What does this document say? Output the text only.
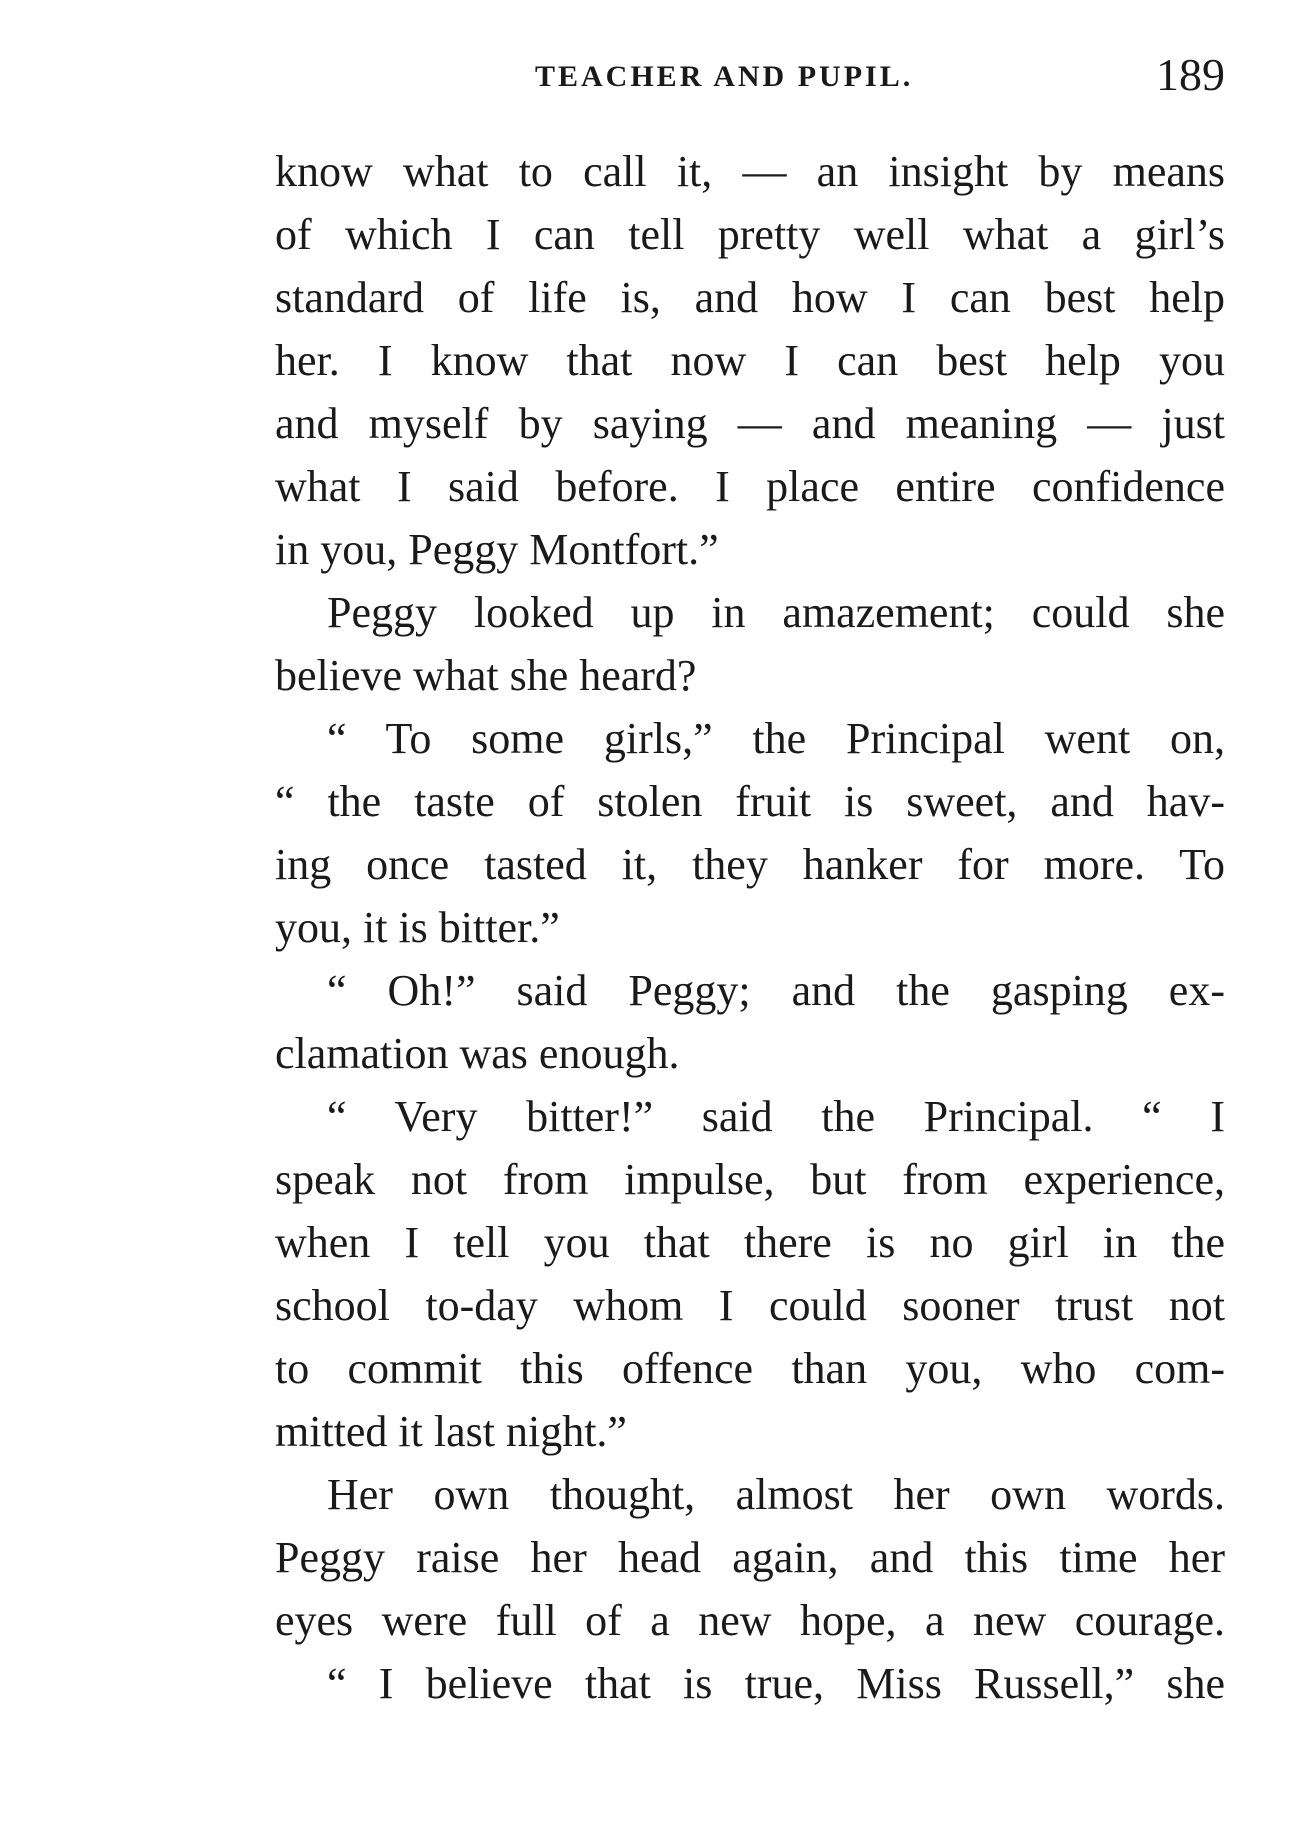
TEACHER AND PUPIL.	189
know what to call it, — an insight by means
of which I can tell pretty well what a girl’s
standard of life is, and how I can best help
her. I know that now I can best help you
and myself by saying — and meaning — just
what I said before. I place entire confidence
in you, Peggy Montfort.”
Peggy looked up in amazement; could she
believe what she heard?
“ To some girls,” the Principal went on,
“ the taste of stolen fruit is sweet, and hav-
ing once tasted it, they hanker for more. To
you, it is bitter.”
“ Oh!” said Peggy; and the gasping ex-
clamation was enough.
“ Very bitter!” said the Principal. “ I
speak not from impulse, but from experience,
when I tell you that there is no girl in the
school to-day whom I could sooner trust not
to commit this offence than you, who com-
mitted it last night.”
Her own thought, almost her own words.
Peggy raise her head again, and this time her
eyes were full of a new hope, a new courage.
“ I believe that is true, Miss Russell,” she
